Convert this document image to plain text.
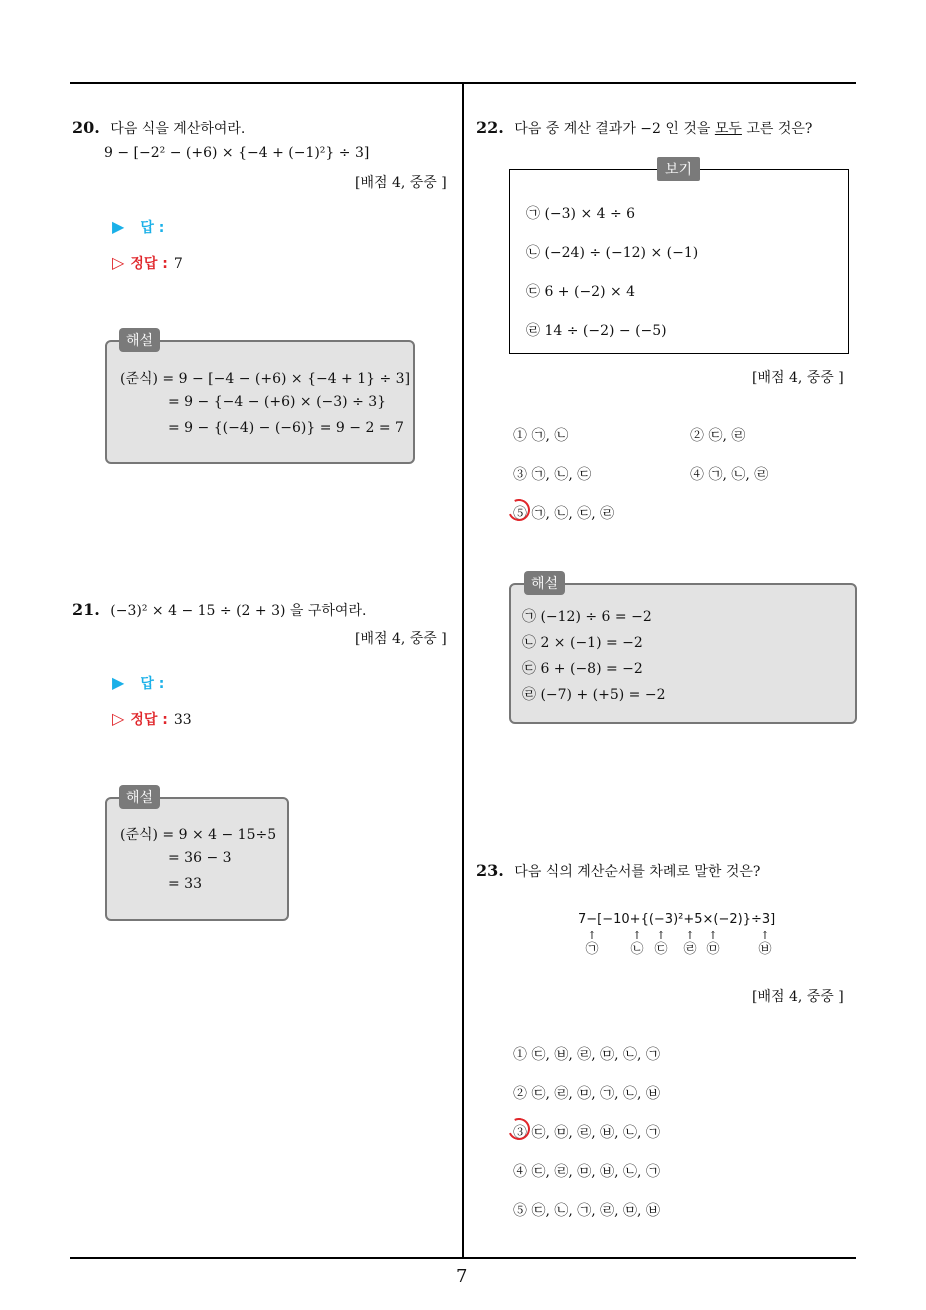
7
20. 다음 식을 계산하여라.
9 − [−2² − (+6) × {−4 + (−1)²} ÷ 3]
[배점 4, 중중 ]
▶ 답 :
▷ 정답 : 7
해설
(준식) = 9 − [−4 − (+6) × {−4 + 1} ÷ 3]
= 9 − {−4 − (+6) × (−3) ÷ 3}
= 9 − {(−4) − (−6)} = 9 − 2 = 7
21. (−3)² × 4 − 15 ÷ (2 + 3) 을 구하여라.
[배점 4, 중중 ]
▶ 답 :
▷ 정답 : 33
해설
(준식) = 9 × 4 − 15÷5
= 36 − 3
= 33
22. 다음 중 계산 결과가 −2 인 것을 모두 고른 것은?
보기
㉠ (−3) × 4 ÷ 6
㉡ (−24) ÷ (−12) × (−1)
㉢ 6 + (−2) × 4
㉣ 14 ÷ (−2) − (−5)
[배점 4, 중중 ]
① ㉠, ㉡	② ㉢, ㉣
③ ㉠, ㉡, ㉢	④ ㉠, ㉡, ㉣
⑤ ㉠, ㉡, ㉢, ㉣
해설
㉠ (−12) ÷ 6 = −2
㉡ 2 × (−1) = −2
㉢ 6 + (−8) = −2
㉣ (−7) + (+5) = −2
23. 다음 식의 계산순서를 차례로 말한 것은?
7−[−10+{(−3)²+5×(−2)}÷3]
↑
㉠
↑
㉡
↑
㉢
↑
㉣
↑
㉤
↑
㉥
[배점 4, 중중 ]
① ㉢, ㉥, ㉣, ㉤, ㉡, ㉠
② ㉢, ㉣, ㉤, ㉠, ㉡, ㉥
③ ㉢, ㉤, ㉣, ㉥, ㉡, ㉠
④ ㉢, ㉣, ㉤, ㉥, ㉡, ㉠
⑤ ㉢, ㉡, ㉠, ㉣, ㉤, ㉥
